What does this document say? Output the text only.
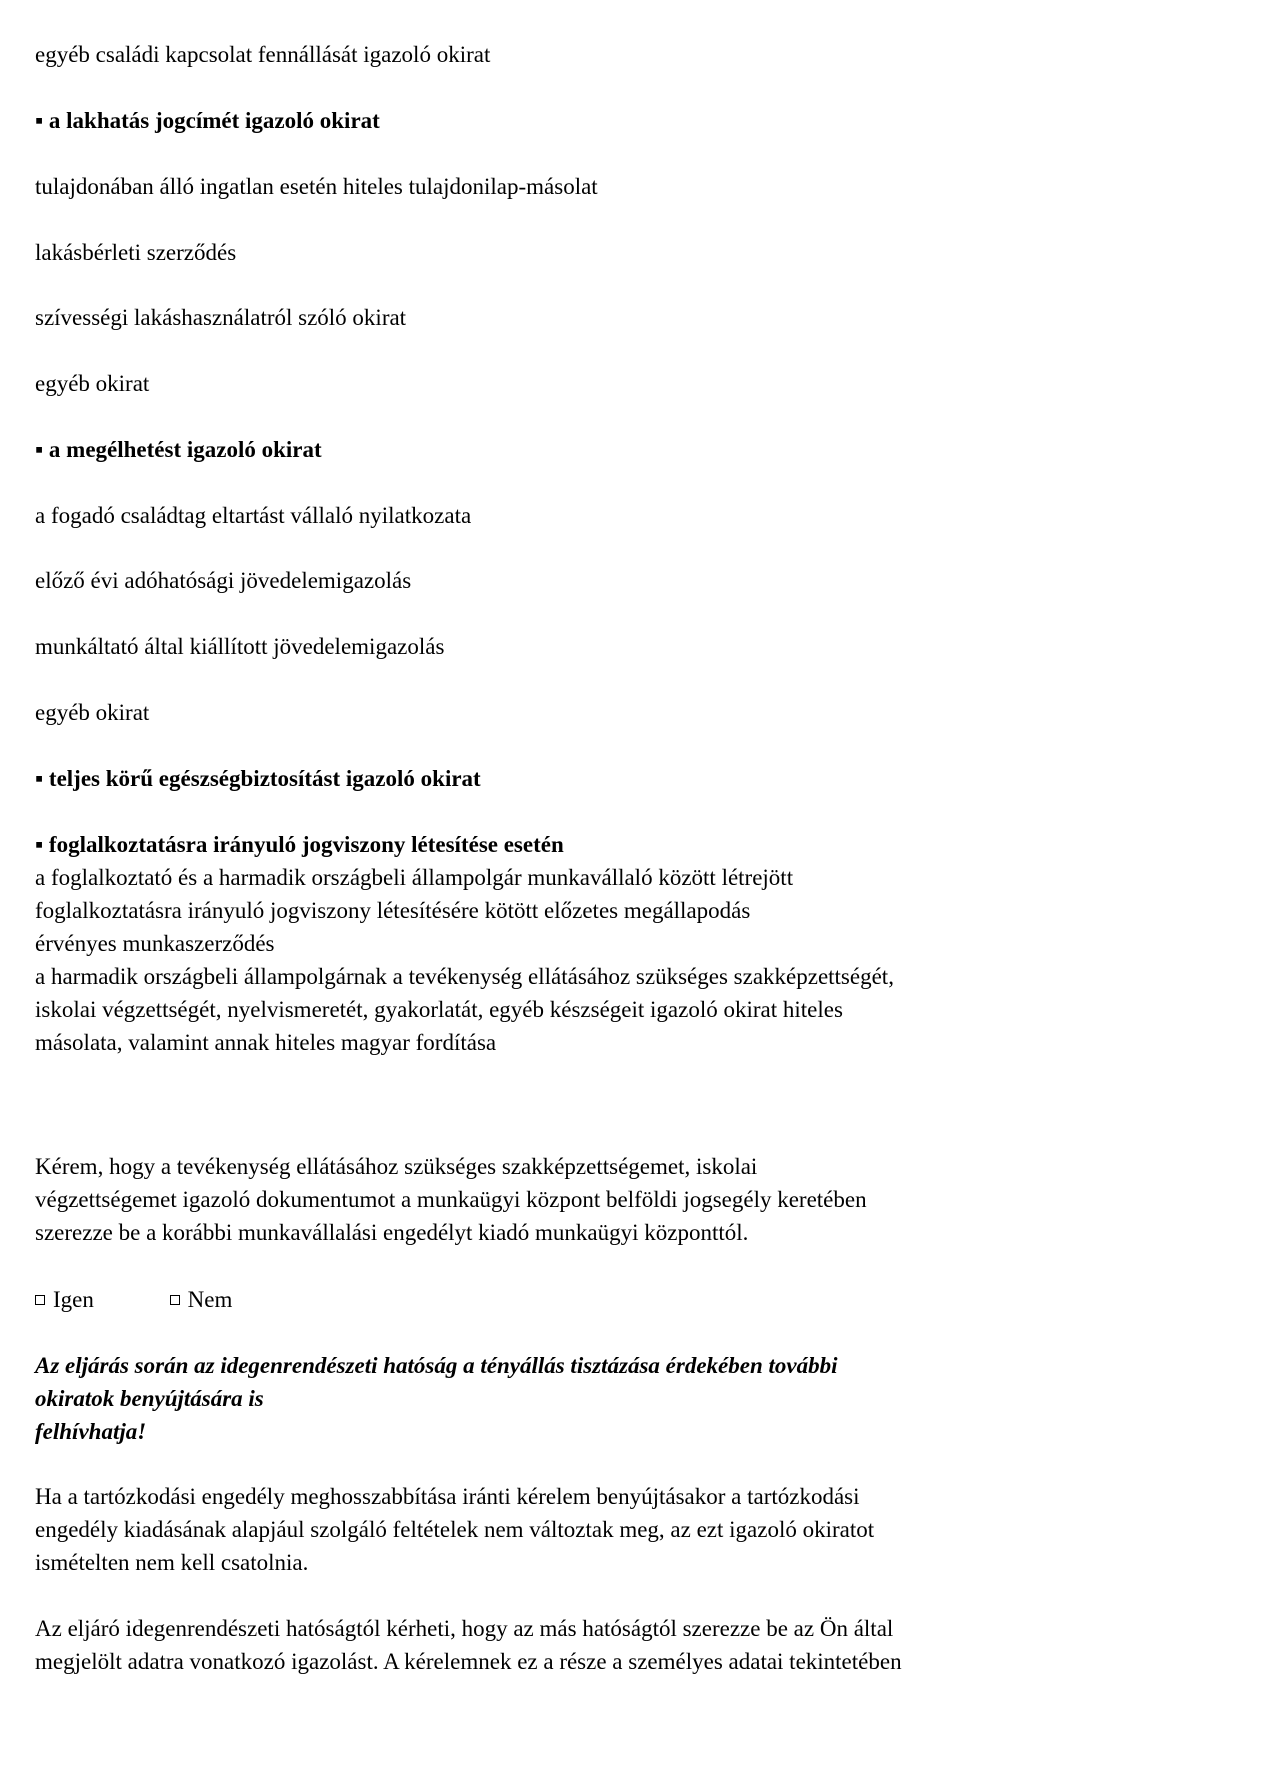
egyéb családi kapcsolat fennállását igazoló okirat
▪ a lakhatás jogcímét igazoló okirat
tulajdonában álló ingatlan esetén hiteles tulajdonilap-másolat
lakásbérleti szerződés
szívességi lakáshasználatról szóló okirat
egyéb okirat
▪ a megélhetést igazoló okirat
a fogadó családtag eltartást vállaló nyilatkozata
előző évi adóhatósági jövedelemigazolás
munkáltató által kiállított jövedelemigazolás
egyéb okirat
▪ teljes körű egészségbiztosítást igazoló okirat
▪ foglalkoztatásra irányuló jogviszony létesítése esetén
a foglalkoztató és a harmadik országbeli állampolgár munkavállaló között létrejött
foglalkoztatásra irányuló jogviszony létesítésére kötött előzetes megállapodás
érvényes munkaszerződés
a harmadik országbeli állampolgárnak a tevékenység ellátásához szükséges szakképzettségét,
iskolai végzettségét, nyelvismeretét, gyakorlatát, egyéb készségeit igazoló okirat hiteles
másolata, valamint annak hiteles magyar fordítása
Kérem, hogy a tevékenység ellátásához szükséges szakképzettségemet, iskolai
végzettségemet igazoló dokumentumot a munkaügyi központ belföldi jogsegély keretében
szerezze be a korábbi munkavállalási engedélyt kiadó munkaügyi központtól.
Igen	Nem
Az eljárás során az idegenrendészeti hatóság a tényállás tisztázása érdekében további
okiratok benyújtására is
felhívhatja!
Ha a tartózkodási engedély meghosszabbítása iránti kérelem benyújtásakor a tartózkodási
engedély kiadásának alapjául szolgáló feltételek nem változtak meg, az ezt igazoló okiratot
ismételten nem kell csatolnia.
Az eljáró idegenrendészeti hatóságtól kérheti, hogy az más hatóságtól szerezze be az Ön által
megjelölt adatra vonatkozó igazolást. A kérelemnek ez a része a személyes adatai tekintetében
